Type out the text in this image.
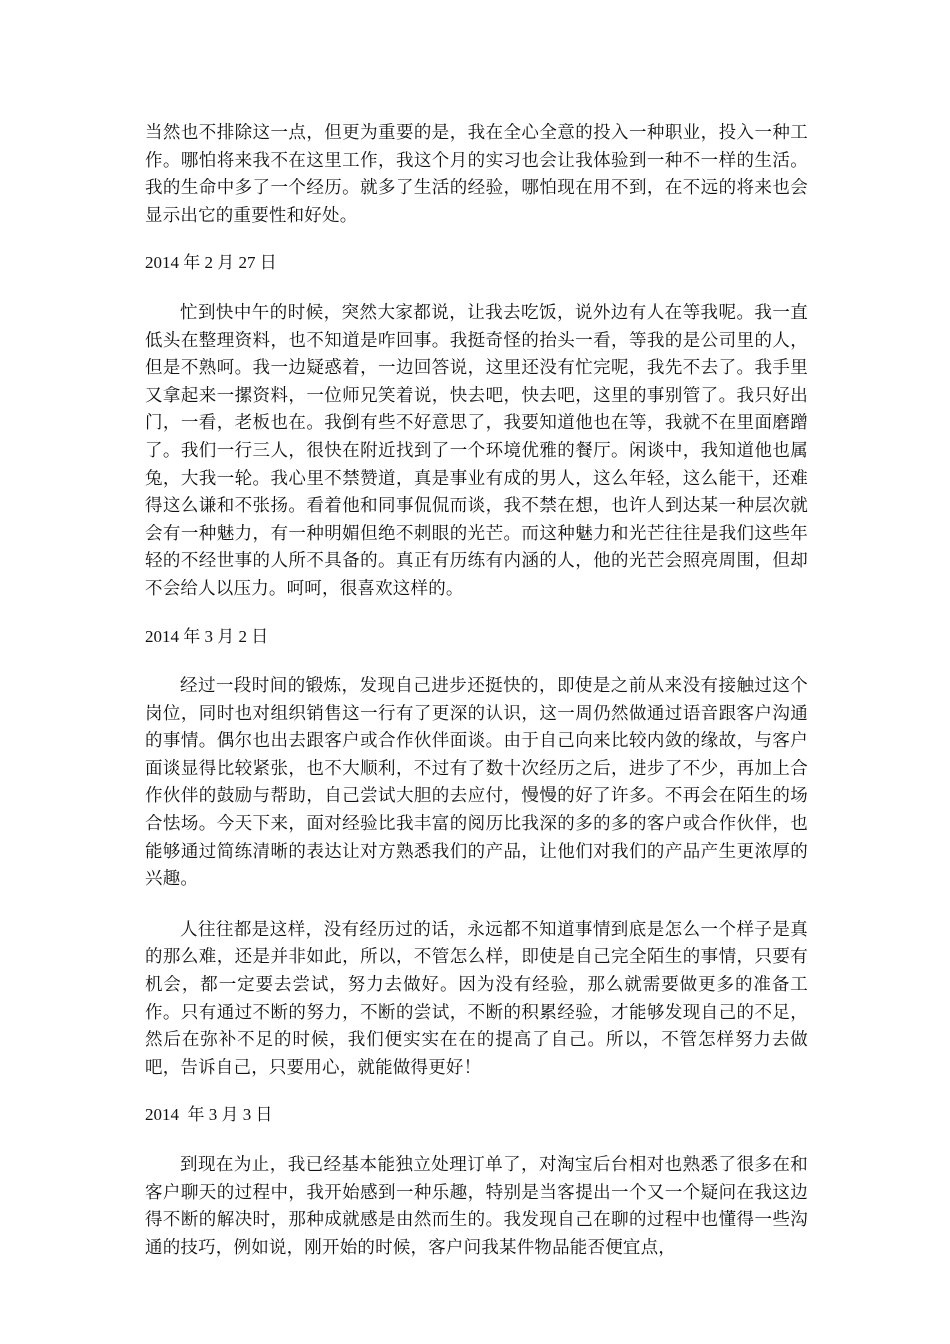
当然也不排除这一点，但更为重要的是，我在全心全意的投入一种职业，投入一种工作。哪怕将来我不在这里工作，我这个月的实习也会让我体验到一种不一样的生活。我的生命中多了一个经历。就多了生活的经验，哪怕现在用不到，在不远的将来也会显示出它的重要性和好处。

2014 年 2 月 27 日

忙到快中午的时候，突然大家都说，让我去吃饭，说外边有人在等我呢。我一直低头在整理资料，也不知道是咋回事。我挺奇怪的抬头一看，等我的是公司里的人，但是不熟呵。我一边疑惑着，一边回答说，这里还没有忙完呢，我先不去了。我手里又拿起来一摞资料，一位师兄笑着说，快去吧，快去吧，这里的事别管了。我只好出门，一看，老板也在。我倒有些不好意思了，我要知道他也在等，我就不在里面磨蹭了。我们一行三人，很快在附近找到了一个环境优雅的餐厅。闲谈中，我知道他也属兔，大我一轮。我心里不禁赞道，真是事业有成的男人，这么年轻，这么能干，还难得这么谦和不张扬。看着他和同事侃侃而谈，我不禁在想，也许人到达某一种层次就会有一种魅力，有一种明媚但绝不刺眼的光芒。而这种魅力和光芒往往是我们这些年轻的不经世事的人所不具备的。真正有历练有内涵的人，他的光芒会照亮周围，但却不会给人以压力。呵呵，很喜欢这样的。

2014 年 3 月 2 日

经过一段时间的锻炼，发现自己进步还挺快的，即使是之前从来没有接触过这个岗位，同时也对组织销售这一行有了更深的认识，这一周仍然做通过语音跟客户沟通的事情。偶尔也出去跟客户或合作伙伴面谈。由于自己向来比较内敛的缘故，与客户面谈显得比较紧张，也不大顺利，不过有了数十次经历之后，进步了不少，再加上合作伙伴的鼓励与帮助，自己尝试大胆的去应付，慢慢的好了许多。不再会在陌生的场合怯场。今天下来，面对经验比我丰富的阅历比我深的多的多的客户或合作伙伴，也能够通过简练清晰的表达让对方熟悉我们的产品，让他们对我们的产品产生更浓厚的兴趣。

人往往都是这样，没有经历过的话，永远都不知道事情到底是怎么一个样子是真的那么难，还是并非如此，所以，不管怎么样，即使是自己完全陌生的事情，只要有机会，都一定要去尝试，努力去做好。因为没有经验，那么就需要做更多的准备工作。只有通过不断的努力，不断的尝试，不断的积累经验，才能够发现自己的不足，然后在弥补不足的时候，我们便实实在在的提高了自己。所以，不管怎样努力去做吧，告诉自己，只要用心，就能做得更好！

2014  年 3 月 3 日

到现在为止，我已经基本能独立处理订单了，对淘宝后台相对也熟悉了很多在和客户聊天的过程中，我开始感到一种乐趣，特别是当客提出一个又一个疑问在我这边得不断的解决时，那种成就感是由然而生的。我发现自己在聊的过程中也懂得一些沟通的技巧，例如说，刚开始的时候，客户问我某件物品能否便宜点，
